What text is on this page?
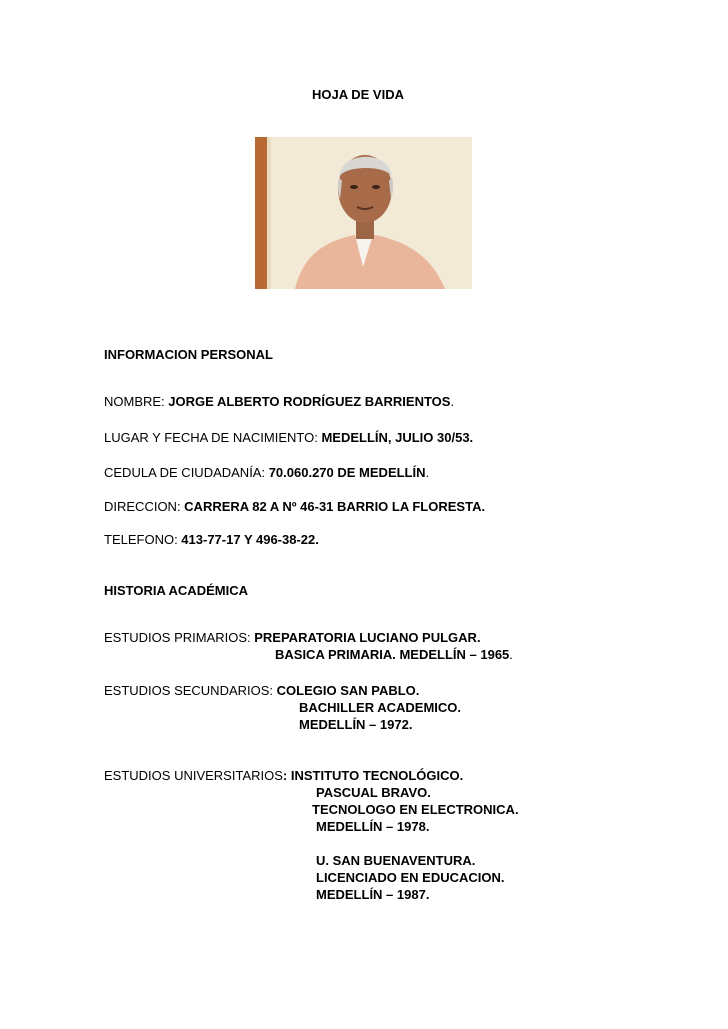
HOJA DE VIDA
INFORMACION PERSONAL
NOMBRE: JORGE ALBERTO RODRÍGUEZ BARRIENTOS.
LUGAR Y FECHA DE NACIMIENTO: MEDELLÍN, JULIO 30/53.
CEDULA DE CIUDADANÍA: 70.060.270 DE MEDELLÍN.
DIRECCION: CARRERA 82 A Nº 46-31 BARRIO LA FLORESTA.
TELEFONO: 413-77-17 Y 496-38-22.
HISTORIA ACADÉMICA
ESTUDIOS PRIMARIOS: PREPARATORIA LUCIANO PULGAR.
BASICA PRIMARIA. MEDELLÍN – 1965.
ESTUDIOS SECUNDARIOS: COLEGIO SAN PABLO.
BACHILLER ACADEMICO.
MEDELLÍN – 1972.
ESTUDIOS UNIVERSITARIOS: INSTITUTO TECNOLÓGICO.
PASCUAL BRAVO.
TECNOLOGO EN ELECTRONICA.
MEDELLÍN – 1978.
U. SAN BUENAVENTURA.
LICENCIADO EN EDUCACION.
MEDELLÍN – 1987.
